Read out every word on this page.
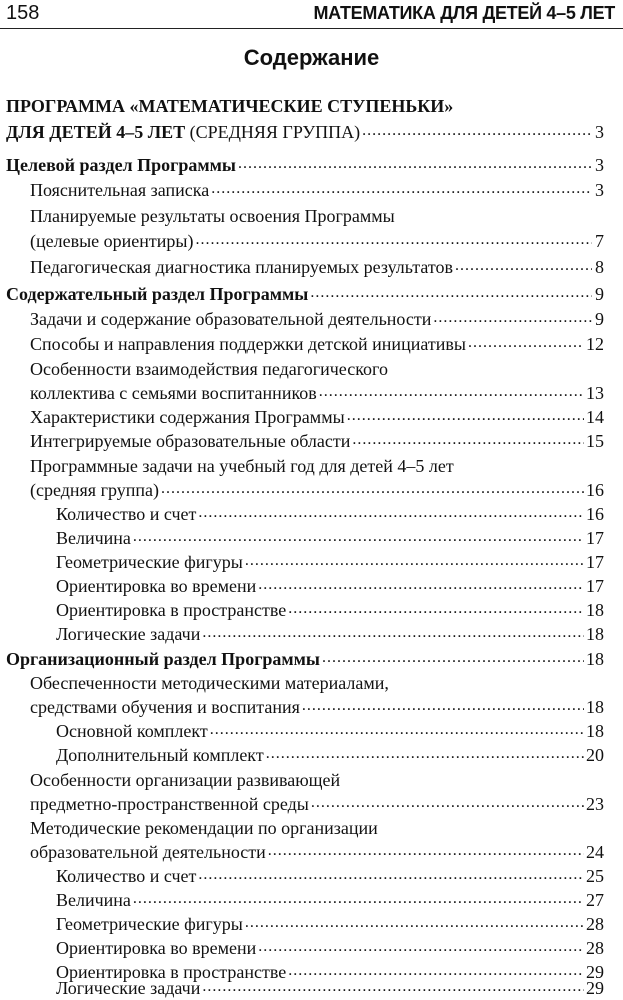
158	МАТЕМАТИКА ДЛЯ ДЕТЕЙ 4–5 ЛЕТ
Содержание
ПРОГРАММА «МАТЕМАТИЧЕСКИЕ СТУПЕНЬКИ»
ДЛЯ ДЕТЕЙ 4–5 ЛЕТ (СРЕДНЯЯ ГРУППА) .....	3
Целевой раздел Программы .....	3
Пояснительная записка .....	3
Планируемые результаты освоения Программы
(целевые ориентиры) .....	7
Педагогическая диагностика планируемых результатов .....	8
Содержательный раздел Программы .....	9
Задачи и содержание образовательной деятельности .....	9
Способы и направления поддержки детской инициативы .....	12
Особенности взаимодействия педагогического
коллектива с семьями воспитанников .....	13
Характеристики содержания Программы .....	14
Интегрируемые образовательные области .....	15
Программные задачи на учебный год для детей 4–5 лет
(средняя группа) .....	16
Количество и счет .....	16
Величина .....	17
Геометрические фигуры .....	17
Ориентировка во времени .....	17
Ориентировка в пространстве .....	18
Логические задачи .....	18
Организационный раздел Программы .....	18
Обеспеченности методическими материалами,
средствами обучения и воспитания .....	18
Основной комплект .....	18
Дополнительный комплект .....	20
Особенности организации развивающей
предметно-пространственной среды .....	23
Методические рекомендации по организации
образовательной деятельности .....	24
Количество и счет .....	25
Величина .....	27
Геометрические фигуры .....	28
Ориентировка во времени .....	28
Ориентировка в пространстве .....	29
Логические задачи .....	29
